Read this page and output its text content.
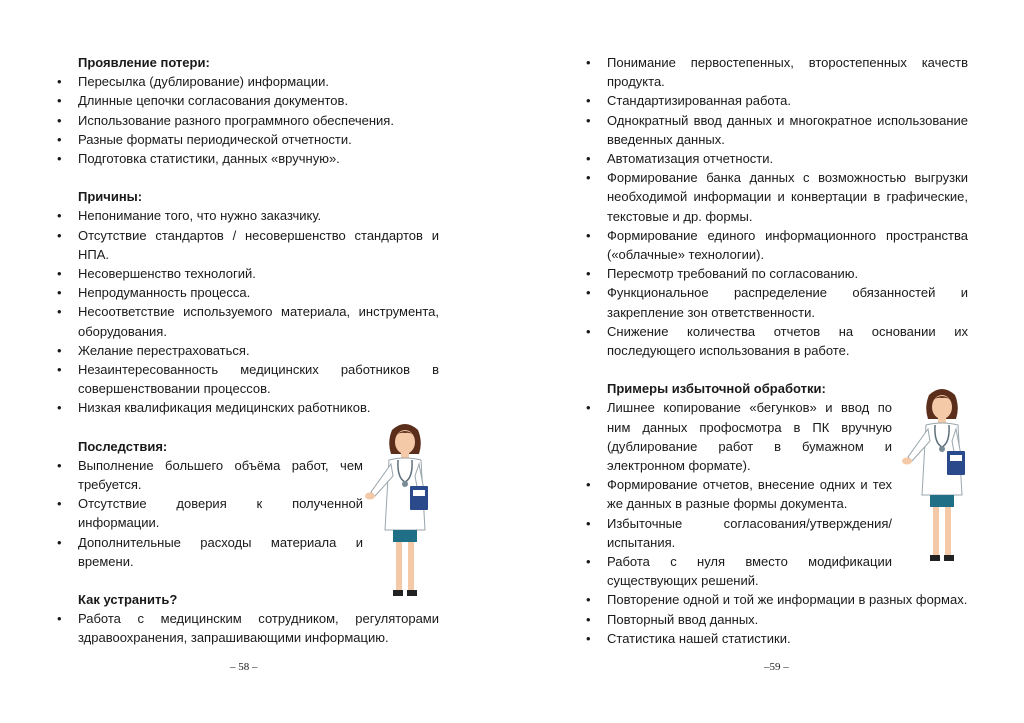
Проявление потери:

• Пересылка (дублирование) информации.
• Длинные цепочки согласования документов.
• Использование разного программного обеспечения.
• Разные форматы периодической отчетности.
• Подготовка статистики, данных «вручную».

Причины:

• Непонимание того, что нужно заказчику.
• Отсутствие стандартов / несовершенство стандартов и НПА.
• Несовершенство технологий.
• Непродуманность процесса.
• Несоответствие используемого материала, инструмента, оборудования.
• Желание перестраховаться.
• Незаинтересованность медицинских работников в совершенствовании процессов.
• Низкая квалификация медицинских работников.

Последствия:

• Выполнение большего объёма работ, чем требуется.
• Отсутствие доверия к полученной информации.
• Дополнительные расходы материала и времени.

Как устранить?

• Работа с медицинским сотрудником, регуляторами здравоохранения, запрашивающими информацию.
– 58 –
• Понимание первостепенных, второстепенных качеств продукта.
• Стандартизированная работа.
• Однократный ввод данных и многократное использование введенных данных.
• Автоматизация отчетности.
• Формирование банка данных с возможностью выгрузки необходимой информации и конвертации в графические, текстовые и др. формы.
• Формирование единого информационного пространства («облачные» технологии).
• Пересмотр требований по согласованию.
• Функциональное распределение обязанностей и закрепление зон ответственности.
• Снижение количества отчетов на основании их последующего использования в работе.

Примеры избыточной обработки:

• Лишнее копирование «бегунков» и ввод по ним данных профосмотра в ПК вручную (дублирование работ в бумажном и электронном формате).
• Формирование отчетов, внесение одних и тех же данных в разные формы документа.
• Избыточные согласования/утверждения/испытания.
• Работа с нуля вместо модификации существующих решений.
• Повторение одной и той же информации в разных формах.
• Повторный ввод данных.
• Статистика нашей статистики.
–59 –
